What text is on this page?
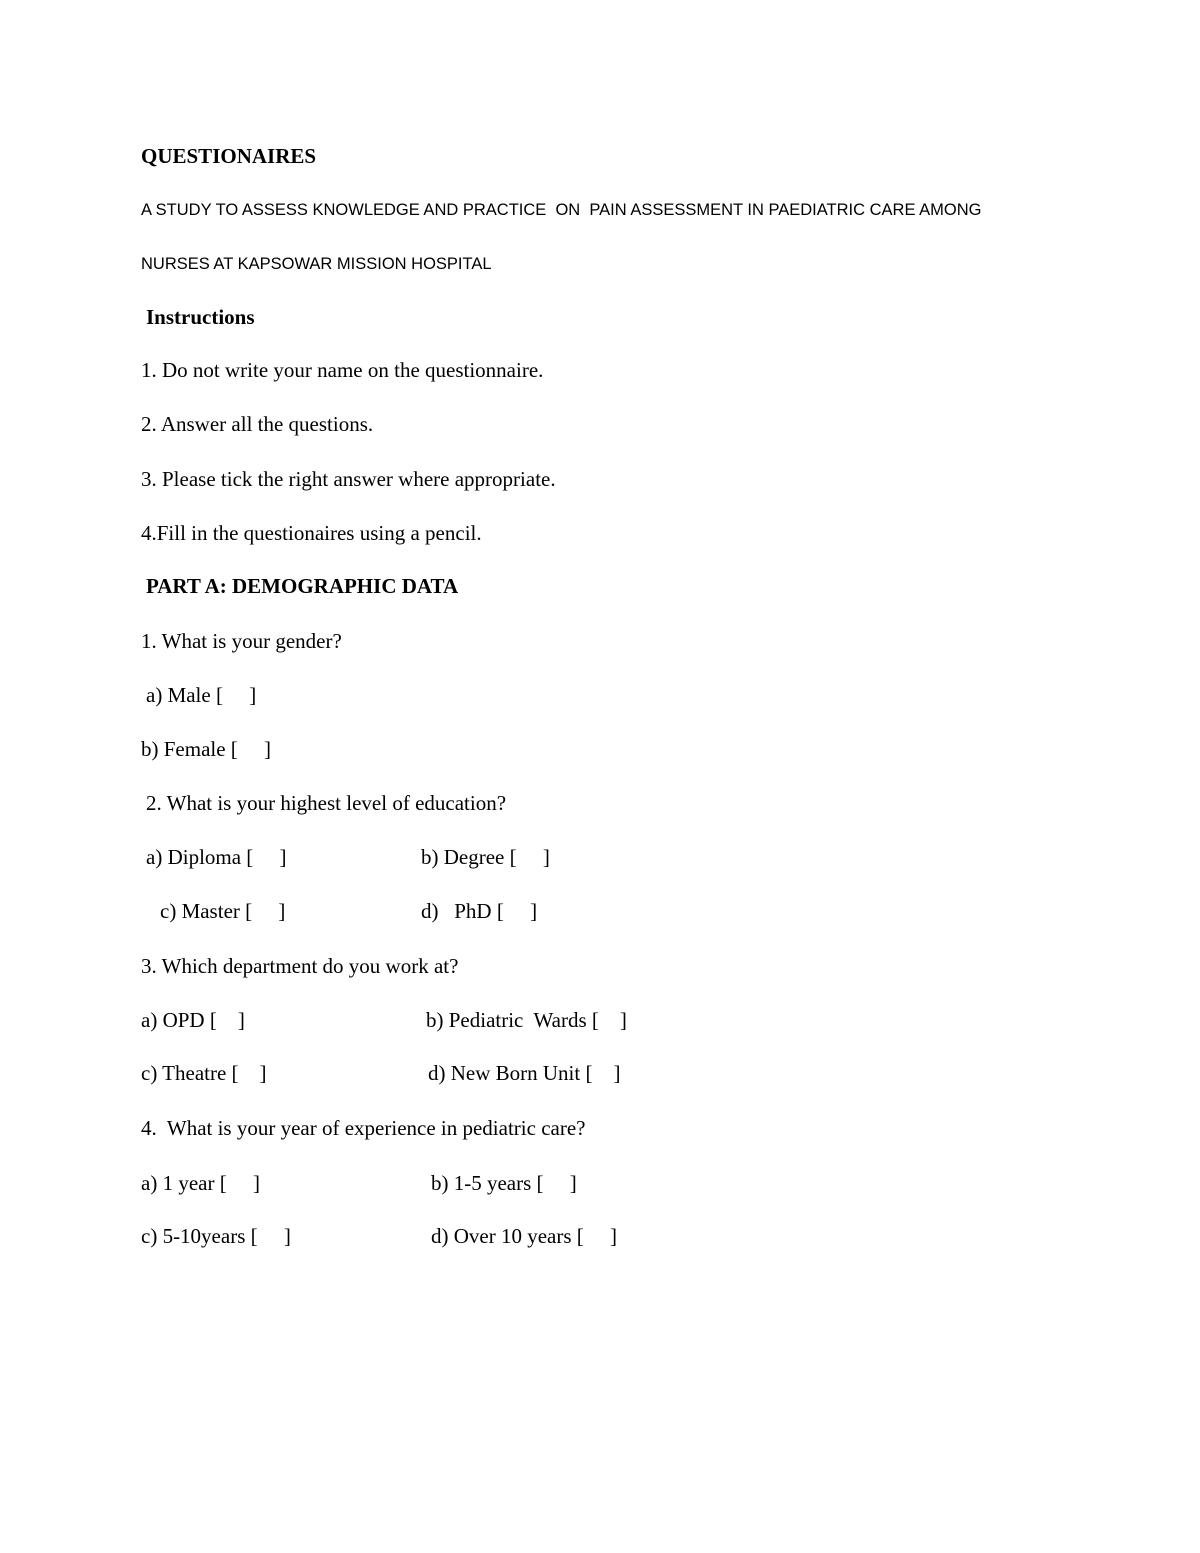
QUESTIONAIRES
A STUDY TO ASSESS KNOWLEDGE AND PRACTICE  ON  PAIN ASSESSMENT IN PAEDIATRIC CARE AMONG
NURSES AT KAPSOWAR MISSION HOSPITAL
Instructions
1. Do not write your name on the questionnaire.
2. Answer all the questions.
3. Please tick the right answer where appropriate.
4.Fill in the questionaires using a pencil.
PART A: DEMOGRAPHIC DATA
1. What is your gender?
a) Male [     ]
b) Female [     ]
2. What is your highest level of education?
a) Diploma [     ]	b) Degree [     ]
c) Master [     ]	d)   PhD [     ]
3. Which department do you work at?
a) OPD [    ]	b) Pediatric  Wards [    ]
c) Theatre [    ]	d) New Born Unit [    ]
4.  What is your year of experience in pediatric care?
a) 1 year [     ]	b) 1-5 years [     ]
c) 5-10years [     ]	d) Over 10 years [     ]
